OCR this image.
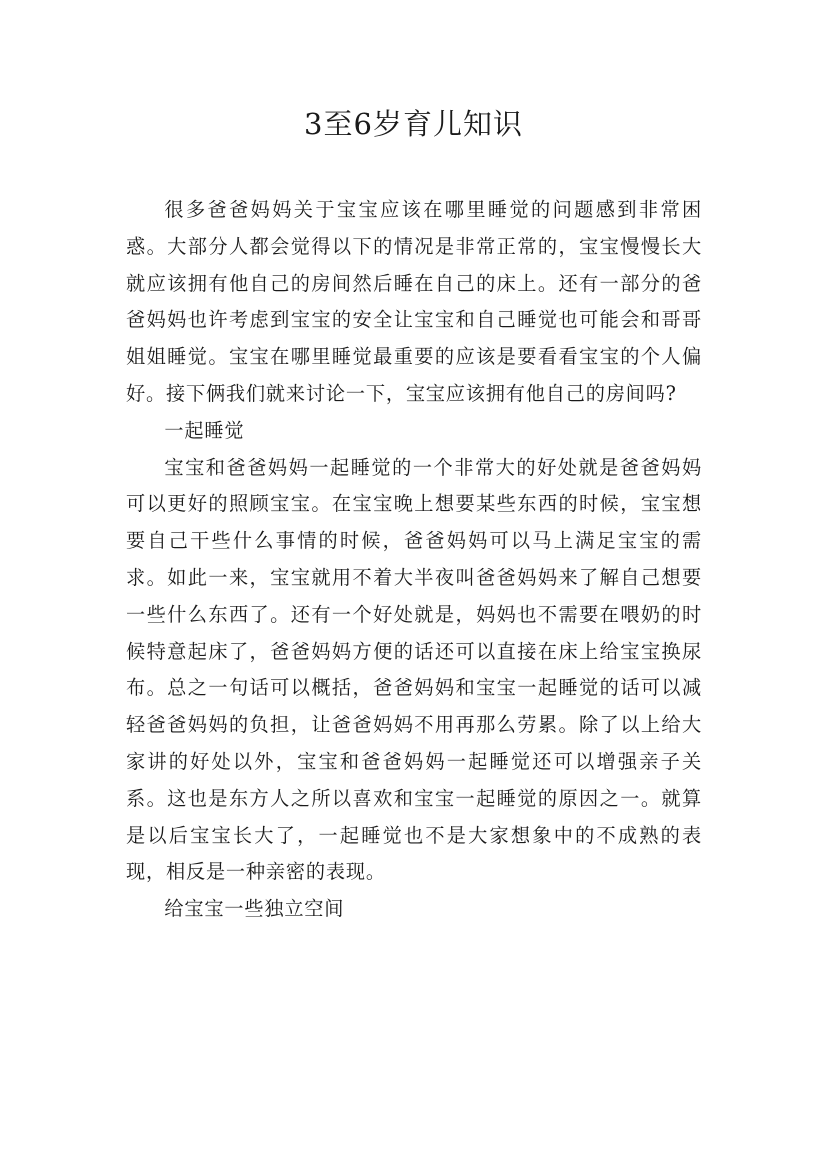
3至6岁育儿知识

很多爸爸妈妈关于宝宝应该在哪里睡觉的问题感到非常困惑。大部分人都会觉得以下的情况是非常正常的，宝宝慢慢长大就应该拥有他自己的房间然后睡在自己的床上。还有一部分的爸爸妈妈也许考虑到宝宝的安全让宝宝和自己睡觉也可能会和哥哥姐姐睡觉。宝宝在哪里睡觉最重要的应该是要看看宝宝的个人偏好。接下俩我们就来讨论一下，宝宝应该拥有他自己的房间吗?

一起睡觉

宝宝和爸爸妈妈一起睡觉的一个非常大的好处就是爸爸妈妈可以更好的照顾宝宝。在宝宝晚上想要某些东西的时候，宝宝想要自己干些什么事情的时候，爸爸妈妈可以马上满足宝宝的需求。如此一来，宝宝就用不着大半夜叫爸爸妈妈来了解自己想要一些什么东西了。还有一个好处就是，妈妈也不需要在喂奶的时候特意起床了，爸爸妈妈方便的话还可以直接在床上给宝宝换尿布。总之一句话可以概括，爸爸妈妈和宝宝一起睡觉的话可以减轻爸爸妈妈的负担，让爸爸妈妈不用再那么劳累。除了以上给大家讲的好处以外，宝宝和爸爸妈妈一起睡觉还可以增强亲子关系。这也是东方人之所以喜欢和宝宝一起睡觉的原因之一。就算是以后宝宝长大了，一起睡觉也不是大家想象中的不成熟的表现，相反是一种亲密的表现。

给宝宝一些独立空间
